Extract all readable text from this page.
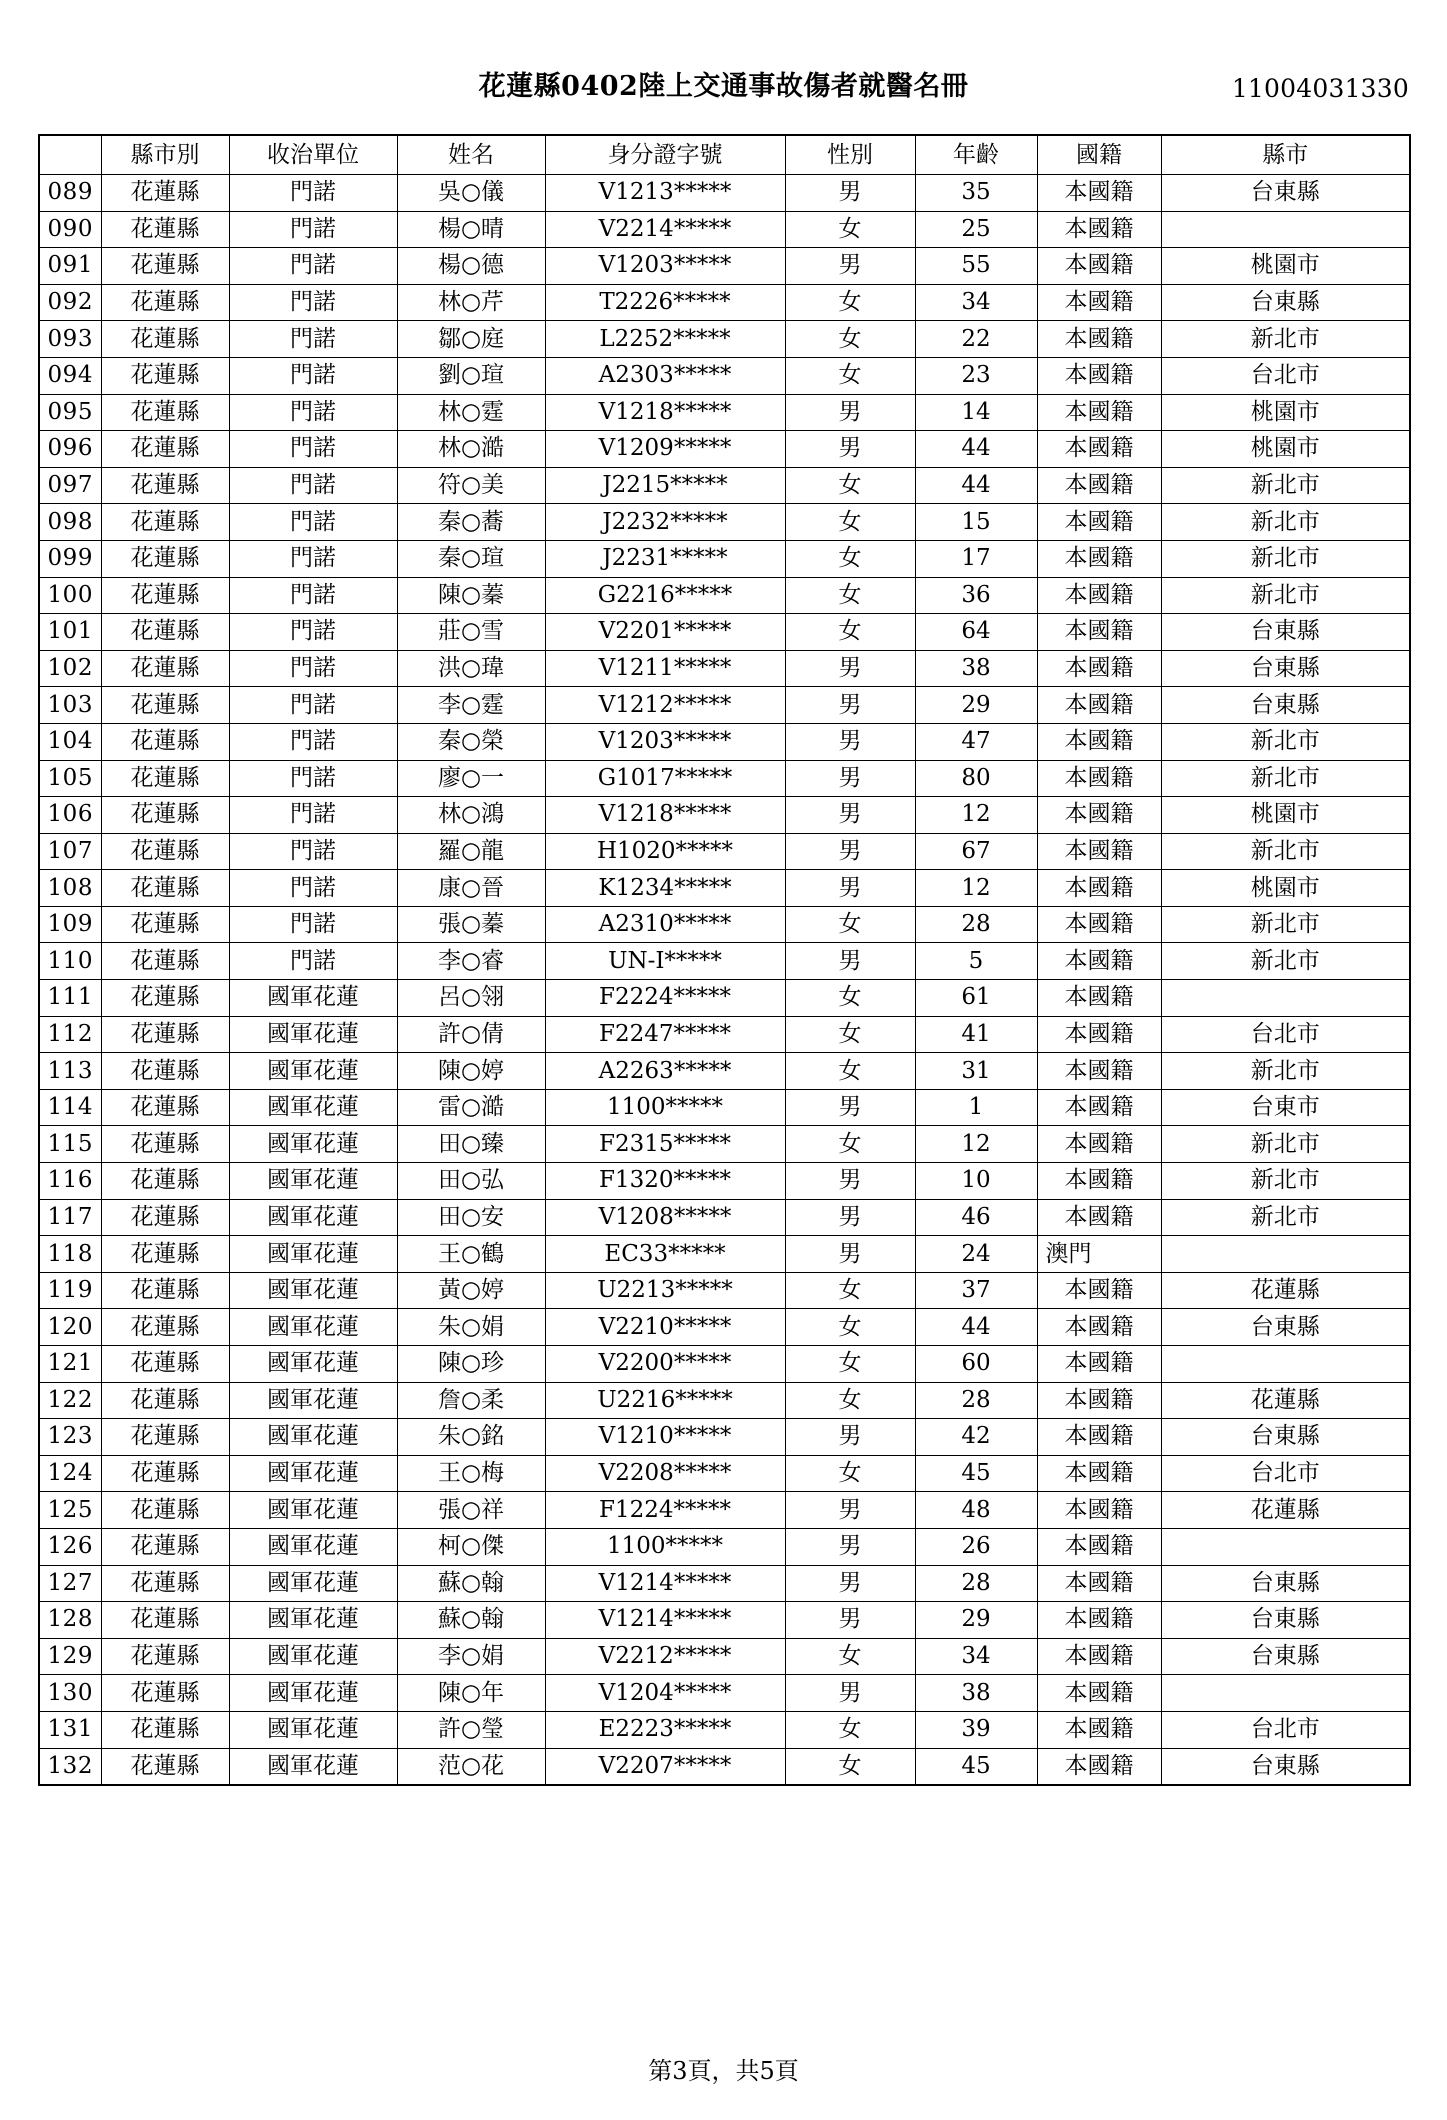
花蓮縣0402陸上交通事故傷者就醫名冊	11004031330
	縣市別	收治單位	姓名	身分證字號	性別	年齡	國籍	縣市
089	花蓮縣	門諾	吳○儀	V1213*****	男	35	本國籍	台東縣
090	花蓮縣	門諾	楊○晴	V2214*****	女	25	本國籍	
091	花蓮縣	門諾	楊○德	V1203*****	男	55	本國籍	桃園市
092	花蓮縣	門諾	林○芹	T2226*****	女	34	本國籍	台東縣
093	花蓮縣	門諾	鄒○庭	L2252*****	女	22	本國籍	新北市
094	花蓮縣	門諾	劉○瑄	A2303*****	女	23	本國籍	台北市
095	花蓮縣	門諾	林○霆	V1218*****	男	14	本國籍	桃園市
096	花蓮縣	門諾	林○澔	V1209*****	男	44	本國籍	桃園市
097	花蓮縣	門諾	符○美	J2215*****	女	44	本國籍	新北市
098	花蓮縣	門諾	秦○蕎	J2232*****	女	15	本國籍	新北市
099	花蓮縣	門諾	秦○瑄	J2231*****	女	17	本國籍	新北市
100	花蓮縣	門諾	陳○蓁	G2216*****	女	36	本國籍	新北市
101	花蓮縣	門諾	莊○雪	V2201*****	女	64	本國籍	台東縣
102	花蓮縣	門諾	洪○瑋	V1211*****	男	38	本國籍	台東縣
103	花蓮縣	門諾	李○霆	V1212*****	男	29	本國籍	台東縣
104	花蓮縣	門諾	秦○榮	V1203*****	男	47	本國籍	新北市
105	花蓮縣	門諾	廖○一	G1017*****	男	80	本國籍	新北市
106	花蓮縣	門諾	林○鴻	V1218*****	男	12	本國籍	桃園市
107	花蓮縣	門諾	羅○龍	H1020*****	男	67	本國籍	新北市
108	花蓮縣	門諾	康○晉	K1234*****	男	12	本國籍	桃園市
109	花蓮縣	門諾	張○蓁	A2310*****	女	28	本國籍	新北市
110	花蓮縣	門諾	李○睿	UN-I*****	男	5	本國籍	新北市
111	花蓮縣	國軍花蓮	呂○翎	F2224*****	女	61	本國籍	
112	花蓮縣	國軍花蓮	許○倩	F2247*****	女	41	本國籍	台北市
113	花蓮縣	國軍花蓮	陳○婷	A2263*****	女	31	本國籍	新北市
114	花蓮縣	國軍花蓮	雷○澔	1100*****	男	1	本國籍	台東市
115	花蓮縣	國軍花蓮	田○臻	F2315*****	女	12	本國籍	新北市
116	花蓮縣	國軍花蓮	田○弘	F1320*****	男	10	本國籍	新北市
117	花蓮縣	國軍花蓮	田○安	V1208*****	男	46	本國籍	新北市
118	花蓮縣	國軍花蓮	王○鶴	EC33*****	男	24	澳門	
119	花蓮縣	國軍花蓮	黃○婷	U2213*****	女	37	本國籍	花蓮縣
120	花蓮縣	國軍花蓮	朱○娟	V2210*****	女	44	本國籍	台東縣
121	花蓮縣	國軍花蓮	陳○珍	V2200*****	女	60	本國籍	
122	花蓮縣	國軍花蓮	詹○柔	U2216*****	女	28	本國籍	花蓮縣
123	花蓮縣	國軍花蓮	朱○銘	V1210*****	男	42	本國籍	台東縣
124	花蓮縣	國軍花蓮	王○梅	V2208*****	女	45	本國籍	台北市
125	花蓮縣	國軍花蓮	張○祥	F1224*****	男	48	本國籍	花蓮縣
126	花蓮縣	國軍花蓮	柯○傑	1100*****	男	26	本國籍	
127	花蓮縣	國軍花蓮	蘇○翰	V1214*****	男	28	本國籍	台東縣
128	花蓮縣	國軍花蓮	蘇○翰	V1214*****	男	29	本國籍	台東縣
129	花蓮縣	國軍花蓮	李○娟	V2212*****	女	34	本國籍	台東縣
130	花蓮縣	國軍花蓮	陳○年	V1204*****	男	38	本國籍	
131	花蓮縣	國軍花蓮	許○瑩	E2223*****	女	39	本國籍	台北市
132	花蓮縣	國軍花蓮	范○花	V2207*****	女	45	本國籍	台東縣
第3頁，共5頁
